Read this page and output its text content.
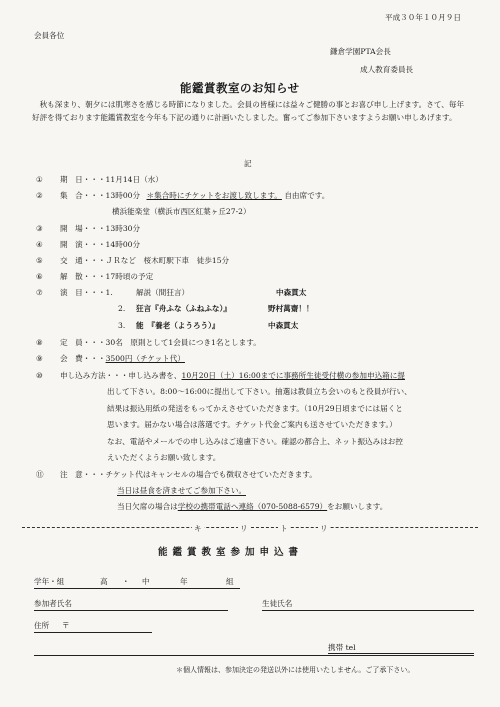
平成３０年１０月９日
会員各位
鎌倉学園PTA会長
成人教育委員長
能鑑賞教室のお知らせ
秋も深まり、朝夕には肌寒さを感じる時節になりました。会員の皆様には益々ご健勝の事とお喜び申し上げます。さて、毎年好評を得ております能鑑賞教室を今年も下記の通りに計画いたしました。奮ってご参加下さいますようお願い申しあげます。
記
① 期　日・・・11月14日（水）
② 集　合・・・13時00分 ＊集合時にチケットをお渡し致します。 自由席です。
横浜能楽堂（横浜市西区紅葉ヶ丘27-2）
③ 開　場・・・13時30分
④ 開　演・・・14時00分
⑤ 交　通・・・ＪＲなど　桜木町駅下車　徒歩15分
⑥ 解　散・・・17時頃の予定
⑦ 演　目・・・1.	解説（間狂言）	中森貫太
2. 狂言『舟ふな（ふねふな）』	野村萬齋！！
3. 能　『養老（ようろう）』	中森貫太
⑧ 定　員・・・30名　原則として1会員につき1名とします。
⑨ 会　費・・・3500円（チケット代）
⑩ 申し込み方法・・・申し込み書を、10月20日（土）16:00までに事務所生徒受付横の参加申込箱に提
出して下さい。8:00～16:00に提出して下さい。抽選は教員立ち会いのもと役員が行い、
結果は振込用紙の発送をもってかえさせていただきます。（10月29日頃までには届くと
思います。届かない場合は落選です。チケット代金ご案内も送させていただきます。）
なお、電話やメールでの申し込みはご遠慮下さい。確認の都合上、ネット振込みはお控
えいただくようお願い致します。
⑪ 注　意・・・チケット代はキャンセルの場合でも徴収させていただきます。
当日は昼食を済ませてご参加下さい。
当日欠席の場合は学校の携帯電話へ連絡（070-5088-6579）をお願いします。
キ	リ	ト	リ
能鑑賞教室参加申込書
学年・組	高 ・ 中	年	組
参加者氏名	生徒氏名
住所 〒
携帯 tel
＊個人情報は、参加決定の発送以外には使用いたしません。ご了承下さい。
